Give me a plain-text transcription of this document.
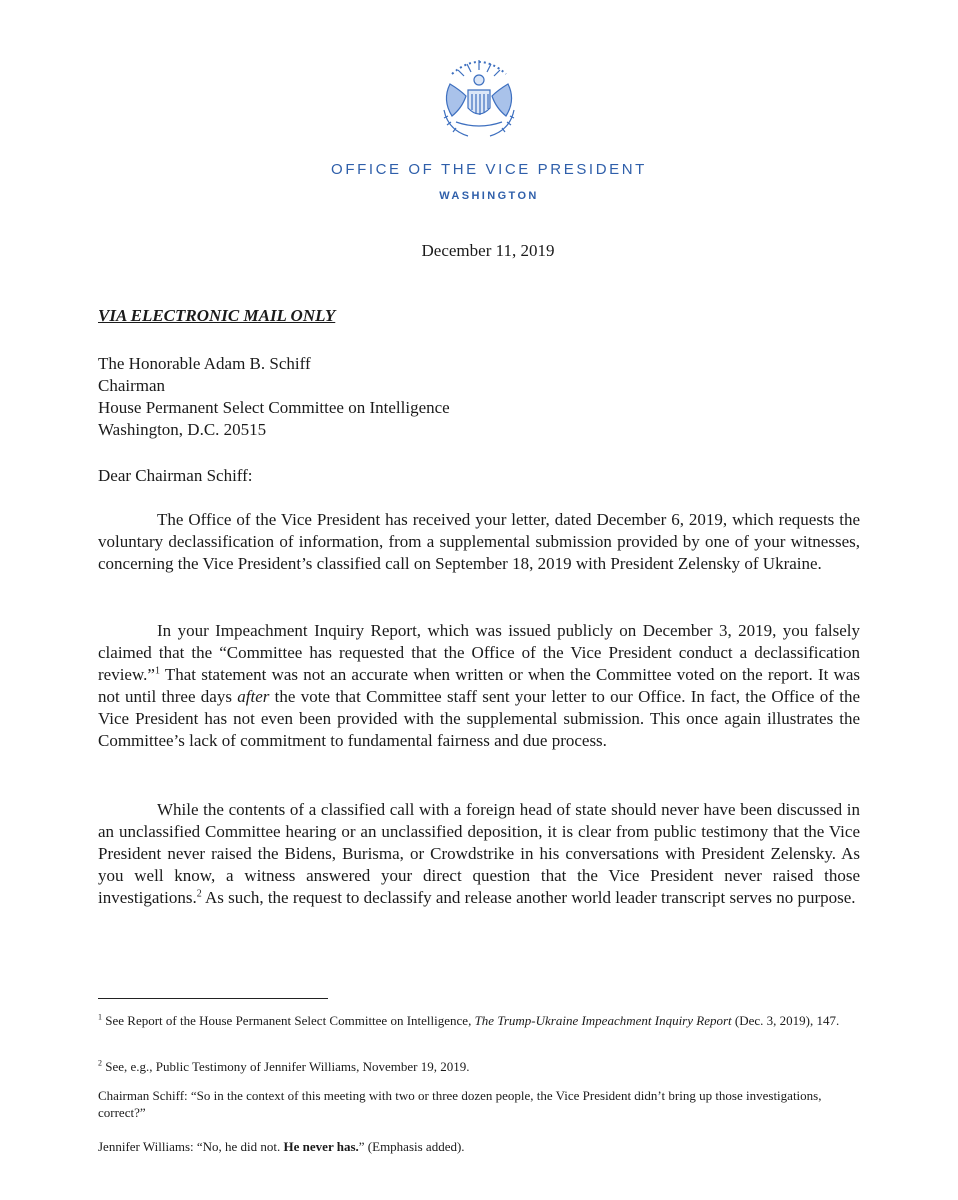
OFFICE OF THE VICE PRESIDENT
WASHINGTON
December 11, 2019
VIA ELECTRONIC MAIL ONLY
The Honorable Adam B. Schiff
Chairman
House Permanent Select Committee on Intelligence
Washington, D.C. 20515
Dear Chairman Schiff:

The Office of the Vice President has received your letter, dated December 6, 2019, which requests the voluntary declassification of information, from a supplemental submission provided by one of your witnesses, concerning the Vice President’s classified call on September 18, 2019 with President Zelensky of Ukraine.

In your Impeachment Inquiry Report, which was issued publicly on December 3, 2019, you falsely claimed that the “Committee has requested that the Office of the Vice President conduct a declassification review.”$^1$ That statement was not an accurate when written or when the Committee voted on the report. It was not until three days after the vote that Committee staff sent your letter to our Office. In fact, the Office of the Vice President has not even been provided with the supplemental submission. This once again illustrates the Committee’s lack of commitment to fundamental fairness and due process.

While the contents of a classified call with a foreign head of state should never have been discussed in an unclassified Committee hearing or an unclassified deposition, it is clear from public testimony that the Vice President never raised the Bidens, Burisma, or Crowdstrike in his conversations with President Zelensky. As you well know, a witness answered your direct question that the Vice President never raised those investigations.$^2$ As such, the request to declassify and release another world leader transcript serves no purpose.

$^1$ See Report of the House Permanent Select Committee on Intelligence, The Trump-Ukraine Impeachment Inquiry Report (Dec. 3, 2019), 147.
$^2$ See, e.g., Public Testimony of Jennifer Williams, November 19, 2019.
Chairman Schiff: “So in the context of this meeting with two or three dozen people, the Vice President didn’t bring up those investigations, correct?”
Jennifer Williams: “No, he did not. He never has.” (Emphasis added).
